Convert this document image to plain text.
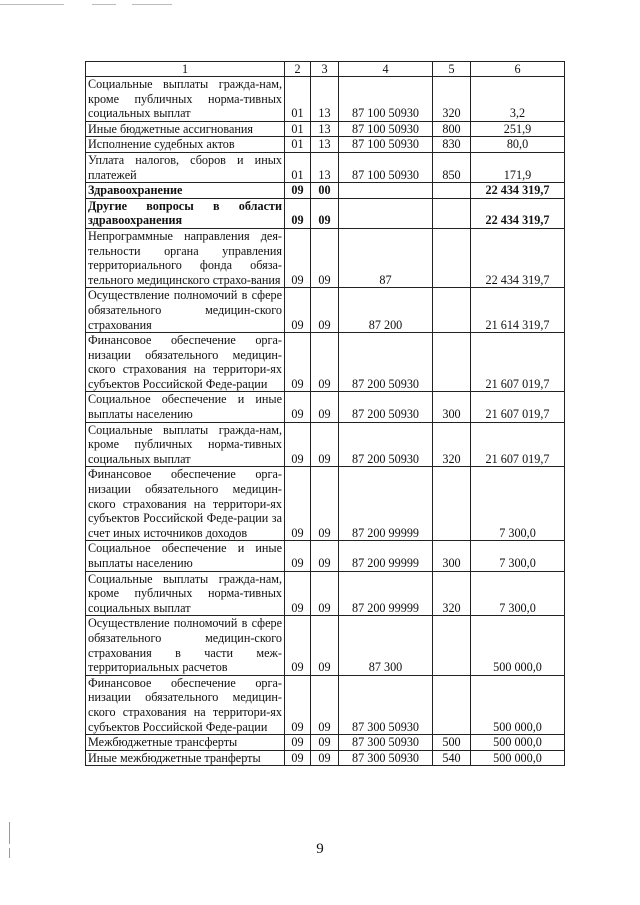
1	2	3	4	5	6
Социальные выплаты гражда-нам, кроме публичных норма-тивных социальных выплат	01	13	87 100 50930	320	3,2
Иные бюджетные ассигнования	01	13	87 100 50930	800	251,9
Исполнение судебных актов	01	13	87 100 50930	830	80,0
Уплата налогов, сборов и иных платежей	01	13	87 100 50930	850	171,9
Здравоохранение	09	00			22 434 319,7
Другие вопросы в области здравоохранения	09	09			22 434 319,7
Непрограммные направления дея-тельности органа управления территориального фонда обяза-тельного медицинского страхо-вания	09	09	87		22 434 319,7
Осуществление полномочий в сфере обязательного медицин-ского страхования	09	09	87 200		21 614 319,7
Финансовое обеспечение орга-низации обязательного медицин-ского страхования на территори-ях субъектов Российской Феде-рации	09	09	87 200 50930		21 607 019,7
Социальное обеспечение и иные выплаты населению	09	09	87 200 50930	300	21 607 019,7
Социальные выплаты гражда-нам, кроме публичных норма-тивных социальных выплат	09	09	87 200 50930	320	21 607 019,7
Финансовое обеспечение орга-низации обязательного медицин-ского страхования на территори-ях субъектов Российской Феде-рации за счет иных источников доходов	09	09	87 200 99999		7 300,0
Социальное обеспечение и иные выплаты населению	09	09	87 200 99999	300	7 300,0
Социальные выплаты гражда-нам, кроме публичных норма-тивных социальных выплат	09	09	87 200 99999	320	7 300,0
Осуществление полномочий в сфере обязательного медицин-ского страхования в части меж-территориальных расчетов	09	09	87 300		500 000,0
Финансовое обеспечение орга-низации обязательного медицин-ского страхования на территори-ях субъектов Российской Феде-рации	09	09	87 300 50930		500 000,0
Межбюджетные трансферты	09	09	87 300 50930	500	500 000,0
Иные межбюджетные транферты	09	09	87 300 50930	540	500 000,0
9
